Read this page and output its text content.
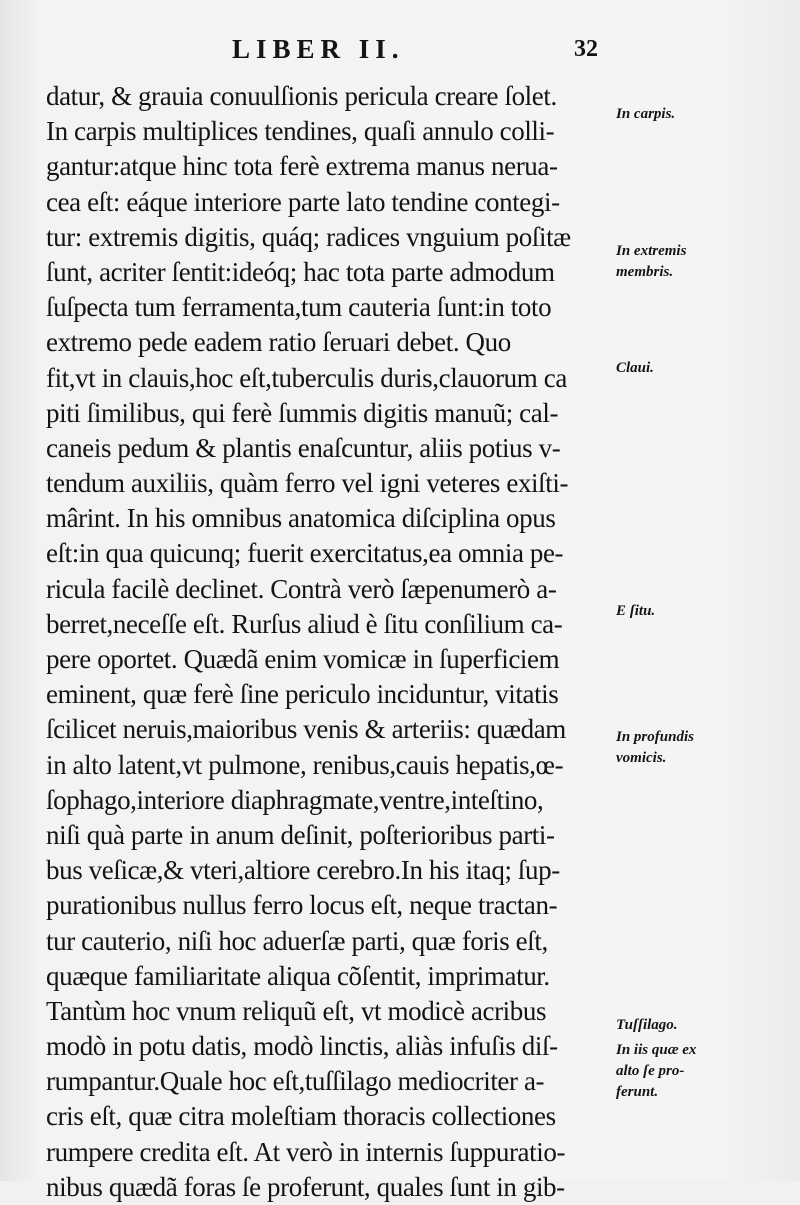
LIBER II.	32
datur, & grauia conuulſionis pericula creare ſolet.
In carpis multiplices tendines, quaſi annulo colli-
gantur:atque hinc tota ferè extrema manus nerua-
cea eſt: eáque interiore parte lato tendine contegi-
tur: extremis digitis, quáq; radices vnguium poſitæ
ſunt, acriter ſentit:ideóq; hac tota parte admodum
ſuſpecta tum ferramenta,tum cauteria ſunt:in toto
extremo pede eadem ratio ſeruari debet. Quo
fit,vt in clauis,hoc eſt,tuberculis duris,clauorum ca
piti ſimilibus, qui ferè ſummis digitis manuũ; cal-
caneis pedum & plantis enaſcuntur, aliis potius v-
tendum auxiliis, quàm ferro vel igni veteres exiſti-
mârint. In his omnibus anatomica diſciplina opus
eſt:in qua quicunq; fuerit exercitatus,ea omnia pe-
ricula facilè declinet. Contrà verò ſæpenumerò a-
berret,neceſſe eſt. Rurſus aliud è ſitu conſilium ca-
pere oportet. Quædã enim vomicæ in ſuperficiem
eminent, quæ ferè ſine periculo inciduntur, vitatis
ſcilicet neruis,maioribus venis & arteriis: quædam
in alto latent,vt pulmone, renibus,cauis hepatis,œ-
ſophago,interiore diaphragmate,ventre,inteſtino,
niſi quà parte in anum deſinit, poſterioribus parti-
bus veſicæ,& vteri,altiore cerebro.In his itaq; ſup-
purationibus nullus ferro locus eſt, neque tractan-
tur cauterio, niſi hoc aduerſæ parti, quæ foris eſt,
quæque familiaritate aliqua cõſentit, imprimatur.
Tantùm hoc vnum reliquũ eſt, vt modicè acribus
modò in potu datis, modò linctis, aliàs infuſis diſ-
rumpantur.Quale hoc eſt,tuſſilago mediocriter a-
cris eſt, quæ citra moleſtiam thoracis collectiones
rumpere credita eſt. At verò in internis ſuppuratio-
nibus quædã foras ſe proferunt, quales ſunt in gib-
In carpis.
In extremis
membris.
Claui.
E ſitu.
In profundis
vomicis.
Tuſſilago.
In iis quæ ex
alto ſe pro-
ferunt.
